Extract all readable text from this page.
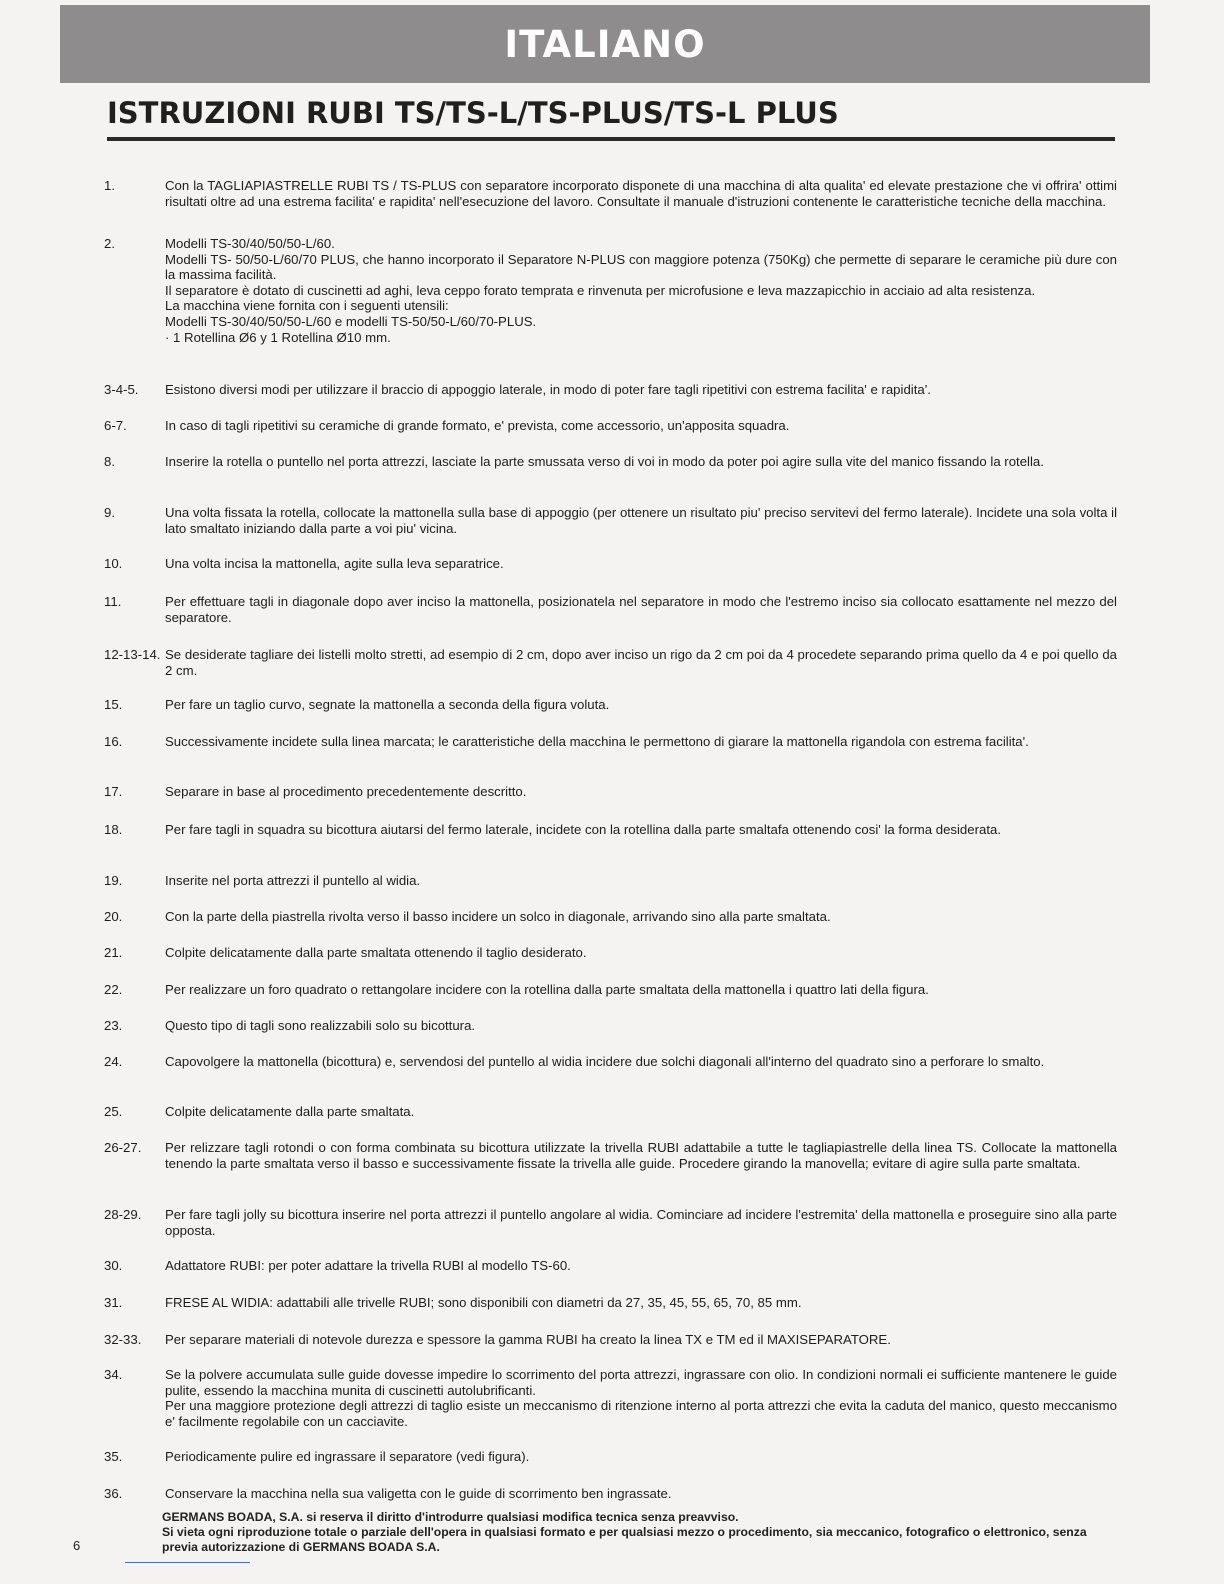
ITALIANO
ISTRUZIONI RUBI TS/TS-L/TS-PLUS/TS-L PLUS
1.	Con la TAGLIAPIASTRELLE RUBI TS / TS-PLUS con separatore incorporato disponete di una macchina di alta qualita' ed elevate prestazione che vi offrira' ottimi risultati oltre ad una estrema facilita' e rapidita' nell'esecuzione del lavoro. Consultate il manuale d'istruzioni contenente le caratteristiche tecniche della macchina.

2.	Modelli TS-30/40/50/50-L/60.

Modelli TS- 50/50-L/60/70 PLUS, che hanno incorporato il Separatore N-PLUS con maggiore potenza (750Kg) che permette di separare le ceramiche più dure con la massima facilità.

Il separatore è dotato di cuscinetti ad aghi, leva ceppo forato temprata e rinvenuta per microfusione e leva mazzapicchio in acciaio ad alta resistenza.

La macchina viene fornita con i seguenti utensili:

Modelli TS-30/40/50/50-L/60 e modelli TS-50/50-L/60/70-PLUS.

· 1 Rotellina Ø6 y 1 Rotellina Ø10 mm.

3-4-5. Esistono diversi modi per utilizzare il braccio di appoggio laterale, in modo di poter fare tagli ripetitivi con estrema facilita' e rapidita'.

6-7.	In caso di tagli ripetitivi su ceramiche di grande formato, e' prevista, come accessorio, un'apposita squadra.

8.	Inserire la rotella o puntello nel porta attrezzi, lasciate la parte smussata verso di voi in modo da poter poi agire sulla vite del manico fissando la rotella.

9.	Una volta fissata la rotella, collocate la mattonella sulla base di appoggio (per ottenere un risultato piu' preciso servitevi del fermo laterale). Incidete una sola volta il lato smaltato iniziando dalla parte a voi piu' vicina.

10.	Una volta incisa la mattonella, agite sulla leva separatrice.

11.	Per effettuare tagli in diagonale dopo aver inciso la mattonella, posizionatela nel separatore in modo che l'estremo inciso sia collocato esattamente nel mezzo del separatore.

12-13-14. Se desiderate tagliare dei listelli molto stretti, ad esempio di 2 cm, dopo aver inciso un rigo da 2 cm poi da 4 procedete separando prima quello da 4 e poi quello da 2 cm.

15.	Per fare un taglio curvo, segnate la mattonella a seconda della figura voluta.

16.	Successivamente incidete sulla linea marcata; le caratteristiche della macchina le permettono di giarare la mattonella rigandola con estrema facilita'.

17.	Separare in base al procedimento precedentemente descritto.

18.	Per fare tagli in squadra su bicottura aiutarsi del fermo laterale, incidete con la rotellina dalla parte smaltafa ottenendo cosi' la forma desiderata.

19.	Inserite nel porta attrezzi il puntello al widia.

20.	Con la parte della piastrella rivolta verso il basso incidere un solco in diagonale, arrivando sino alla parte smaltata.

21.	Colpite delicatamente dalla parte smaltata ottenendo il taglio desiderato.

22.	Per realizzare un foro quadrato o rettangolare incidere con la rotellina dalla parte smaltata della mattonella i quattro lati della figura.

23.	Questo tipo di tagli sono realizzabili solo su bicottura.

24.	Capovolgere la mattonella (bicottura) e, servendosi del puntello al widia incidere due solchi diagonali all'interno del quadrato sino a perforare lo smalto.

25.	Colpite delicatamente dalla parte smaltata.

26-27. Per relizzare tagli rotondi o con forma combinata su bicottura utilizzate la trivella RUBI adattabile a tutte le tagliapiastrelle della linea TS. Collocate la mattonella tenendo la parte smaltata verso il basso e successivamente fissate la trivella alle guide. Procedere girando la manovella; evitare di agire sulla parte smaltata.

28-29. Per fare tagli jolly su bicottura inserire nel porta attrezzi il puntello angolare al widia. Cominciare ad incidere l'estremita' della mattonella e proseguire sino alla parte opposta.

30.	Adattatore RUBI: per poter adattare la trivella RUBI al modello TS-60.

31.	FRESE AL WIDIA: adattabili alle trivelle RUBI; sono disponibili con diametri da 27, 35, 45, 55, 65, 70, 85 mm.

32-33. Per separare materiali di notevole durezza e spessore la gamma RUBI ha creato la linea TX e TM ed il MAXISEPARATORE.

34.	Se la polvere accumulata sulle guide dovesse impedire lo scorrimento del porta attrezzi, ingrassare con olio. In condizioni normali ei sufficiente mantenere le guide pulite, essendo la macchina munita di cuscinetti autolubrificanti.

Per una maggiore protezione degli attrezzi di taglio esiste un meccanismo di ritenzione interno al porta attrezzi che evita la caduta del manico, questo meccanismo e' facilmente regolabile con un cacciavite.

35.	Periodicamente pulire ed ingrassare il separatore (vedi figura).

36.	Conservare la macchina nella sua valigetta con le guide di scorrimento ben ingrassate.

GERMANS BOADA, S.A. si reserva il diritto d'introdurre qualsiasi modifica tecnica senza preavviso.

Si vieta ogni riproduzione totale o parziale dell'opera in qualsiasi formato e per qualsiasi mezzo o procedimento, sia meccanico, fotografico o elettronico, senza previa autorizzazione di GERMANS BOADA S.A.

6
